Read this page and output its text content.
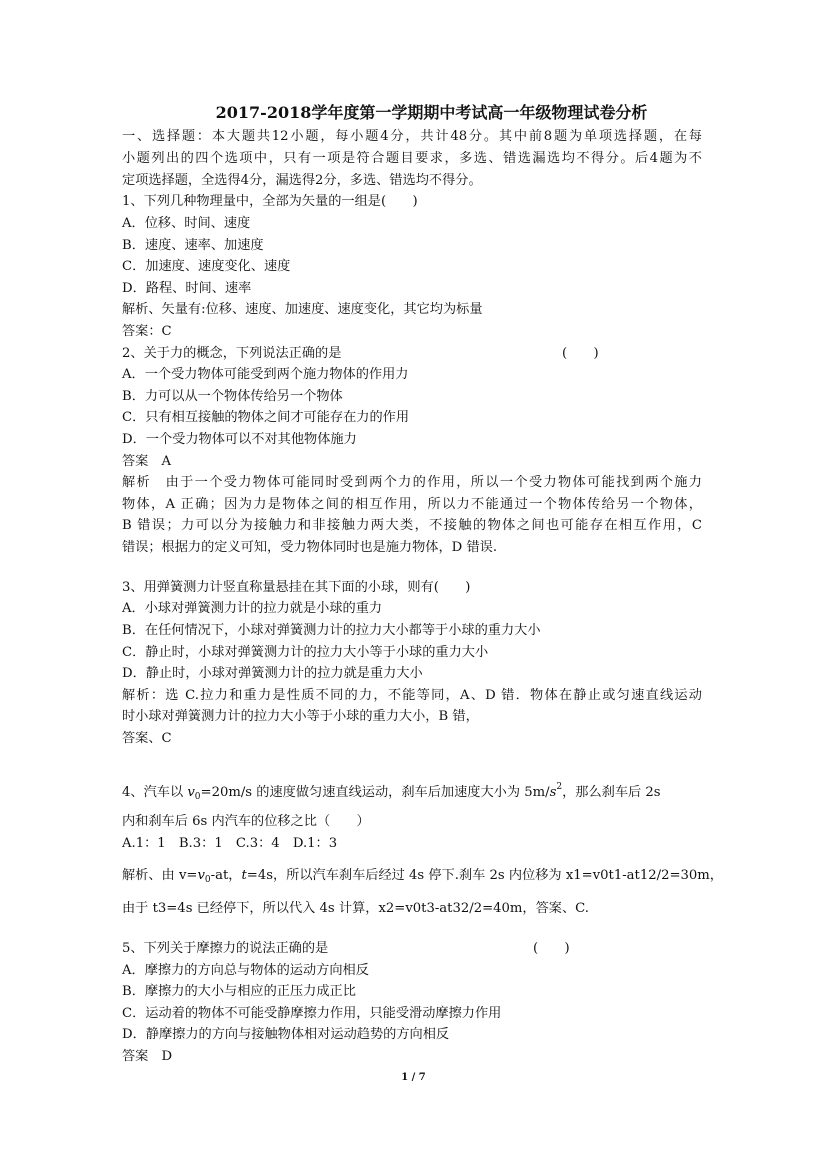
2017-2018学年度第一学期期中考试高一年级物理试卷分析
一、选择题：本大题共12小题，每小题4分，共计48分。其中前8题为单项选择题，在每
小题列出的四个选项中，只有一项是符合题目要求，多选、错选漏选均不得分。后4题为不
定项选择题，全选得4分，漏选得2分，多选、错选均不得分。
1、下列几种物理量中，全部为矢量的一组是(　　)
A．位移、时间、速度
B．速度、速率、加速度
C．加速度、速度变化、速度
D．路程、时间、速率
解析、矢量有:位移、速度、加速度、速度变化，其它均为标量
答案：C
2、关于力的概念，下列说法正确的是	(　　)
A．一个受力物体可能受到两个施力物体的作用力
B．力可以从一个物体传给另一个物体
C．只有相互接触的物体之间才可能存在力的作用
D．一个受力物体可以不对其他物体施力
答案　A
解析　由于一个受力物体可能同时受到两个力的作用，所以一个受力物体可能找到两个施力
物体，A 正确；因为力是物体之间的相互作用，所以力不能通过一个物体传给另一个物体，
B 错误；力可以分为接触力和非接触力两大类，不接触的物体之间也可能存在相互作用，C
错误；根据力的定义可知，受力物体同时也是施力物体，D 错误.
3、用弹簧测力计竖直称量悬挂在其下面的小球，则有(　　)
A．小球对弹簧测力计的拉力就是小球的重力
B．在任何情况下，小球对弹簧测力计的拉力大小都等于小球的重力大小
C．静止时，小球对弹簧测力计的拉力大小等于小球的重力大小
D．静止时，小球对弹簧测力计的拉力就是重力大小
解析：选 C.拉力和重力是性质不同的力，不能等同，A、D 错．物体在静止或匀速直线运动
时小球对弹簧测力计的拉力大小等于小球的重力大小，B 错，
答案、C
4、汽车以 $v_0=20m/s$ 的速度做匀速直线运动，刹车后加速度大小为 $5m/s^2$，那么刹车后 2s
内和刹车后 6s 内汽车的位移之比（　　）
A.1：1　B.3：1　C.3：4　D.1：3
解析、由 $v=v_0-at$，t=4s，所以汽车刹车后经过 4s 停下.刹车 2s 内位移为 x1=v0t1-at12/2=30m，
由于 t3=4s 已经停下，所以代入 4s 计算，x2=v0t3-at32/2=40m，答案、C.
5、下列关于摩擦力的说法正确的是	(　　)
A．摩擦力的方向总与物体的运动方向相反
B．摩擦力的大小与相应的正压力成正比
C．运动着的物体不可能受静摩擦力作用，只能受滑动摩擦力作用
D．静摩擦力的方向与接触物体相对运动趋势的方向相反
答案　D
1 / 7
